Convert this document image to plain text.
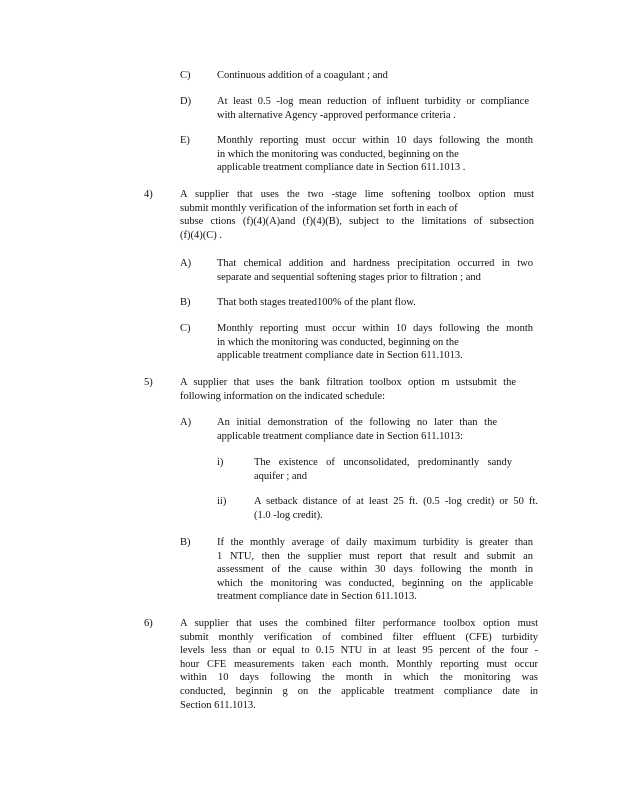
C)	Continuous addition of a coagulant ; and
D) At least 0.5 -log mean reduction of influent turbidity or compliance
with alternative Agency -approved performance criteria .
E)	Monthly reporting must occur within 10 days following the month
in which the monitoring was conducted, beginning on the
applicable treatment compliance date in Section 611.1013 .
4)	A supplier that uses the two -stage lime softening toolbox option must
submit monthly verification of the information set forth in each of
subse ctions (f)(4)(A)and (f)(4)(B), subject to the limitations of subsection
(f)(4)(C) .
A) That chemical addition and hardness precipitation occurred in two
separate and sequential softening stages prior to filtration ; and
B)	That both stages treated100% of the plant flow.
C)	Monthly reporting must occur within 10 days following the month
in which the monitoring was conducted, beginning on the
applicable treatment compliance date in Section 611.1013.
5)	A supplier that uses the bank filtration toolbox option m ustsubmit the
following information on the indicated schedule:
A) An initial demonstration of the following no later than the
applicable treatment compliance date in Section 611.1013:
i)	The existence of unconsolidated, predominantly sandy
aquifer ; and
ii)	A setback distance of at least 25 ft. (0.5 -log credit) or 50 ft.
(1.0 -log credit).
B)	If the monthly average of daily maximum turbidity is greater than
1 NTU, then the supplier must report that result and submit an
assessment of the cause within 30 days following the month in
which the monitoring was conducted, beginning on the applicable
treatment compliance date in Section 611.1013.
6)	A supplier that uses the combined filter performance toolbox option must
submit monthly verification of combined filter effluent (CFE) turbidity
levels less than or equal to 0.15 NTU in at least 95 percent of the four -
hour CFE measurements taken each month. Monthly reporting must occur
within 10 days following the month in which the monitoring was
conducted, beginnin g on the applicable treatment compliance date in
Section 611.1013.
